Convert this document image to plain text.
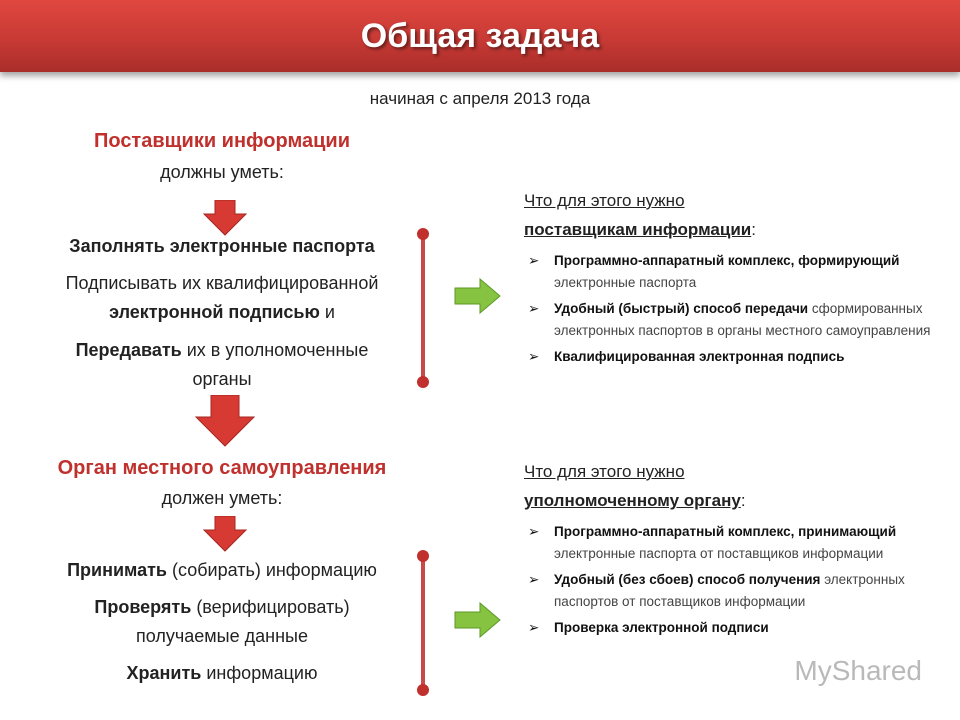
Общая задача
начиная с апреля 2013 года
Поставщики информации
должны уметь:
Заполнять электронные паспорта
Подписывать их квалифицированной
электронной подписью и
Передавать их в уполномоченные
органы
Орган местного самоуправления
должен уметь:
Принимать (собирать) информацию
Проверять (верифицировать)
получаемые данные
Хранить информацию
Что для этого нужно
поставщикам информации:
➢ Программно-аппаратный комплекс, формирующий электронные паспорта
➢ Удобный (быстрый) способ передачи сформированных электронных паспортов в органы местного самоуправления
➢ Квалифицированная электронная подпись
Что для этого нужно
уполномоченному органу:
➢ Программно-аппаратный комплекс, принимающий электронные паспорта от поставщиков информации
➢ Удобный (без сбоев) способ получения электронных паспортов от поставщиков информации
➢ Проверка электронной подписи
MyShared
